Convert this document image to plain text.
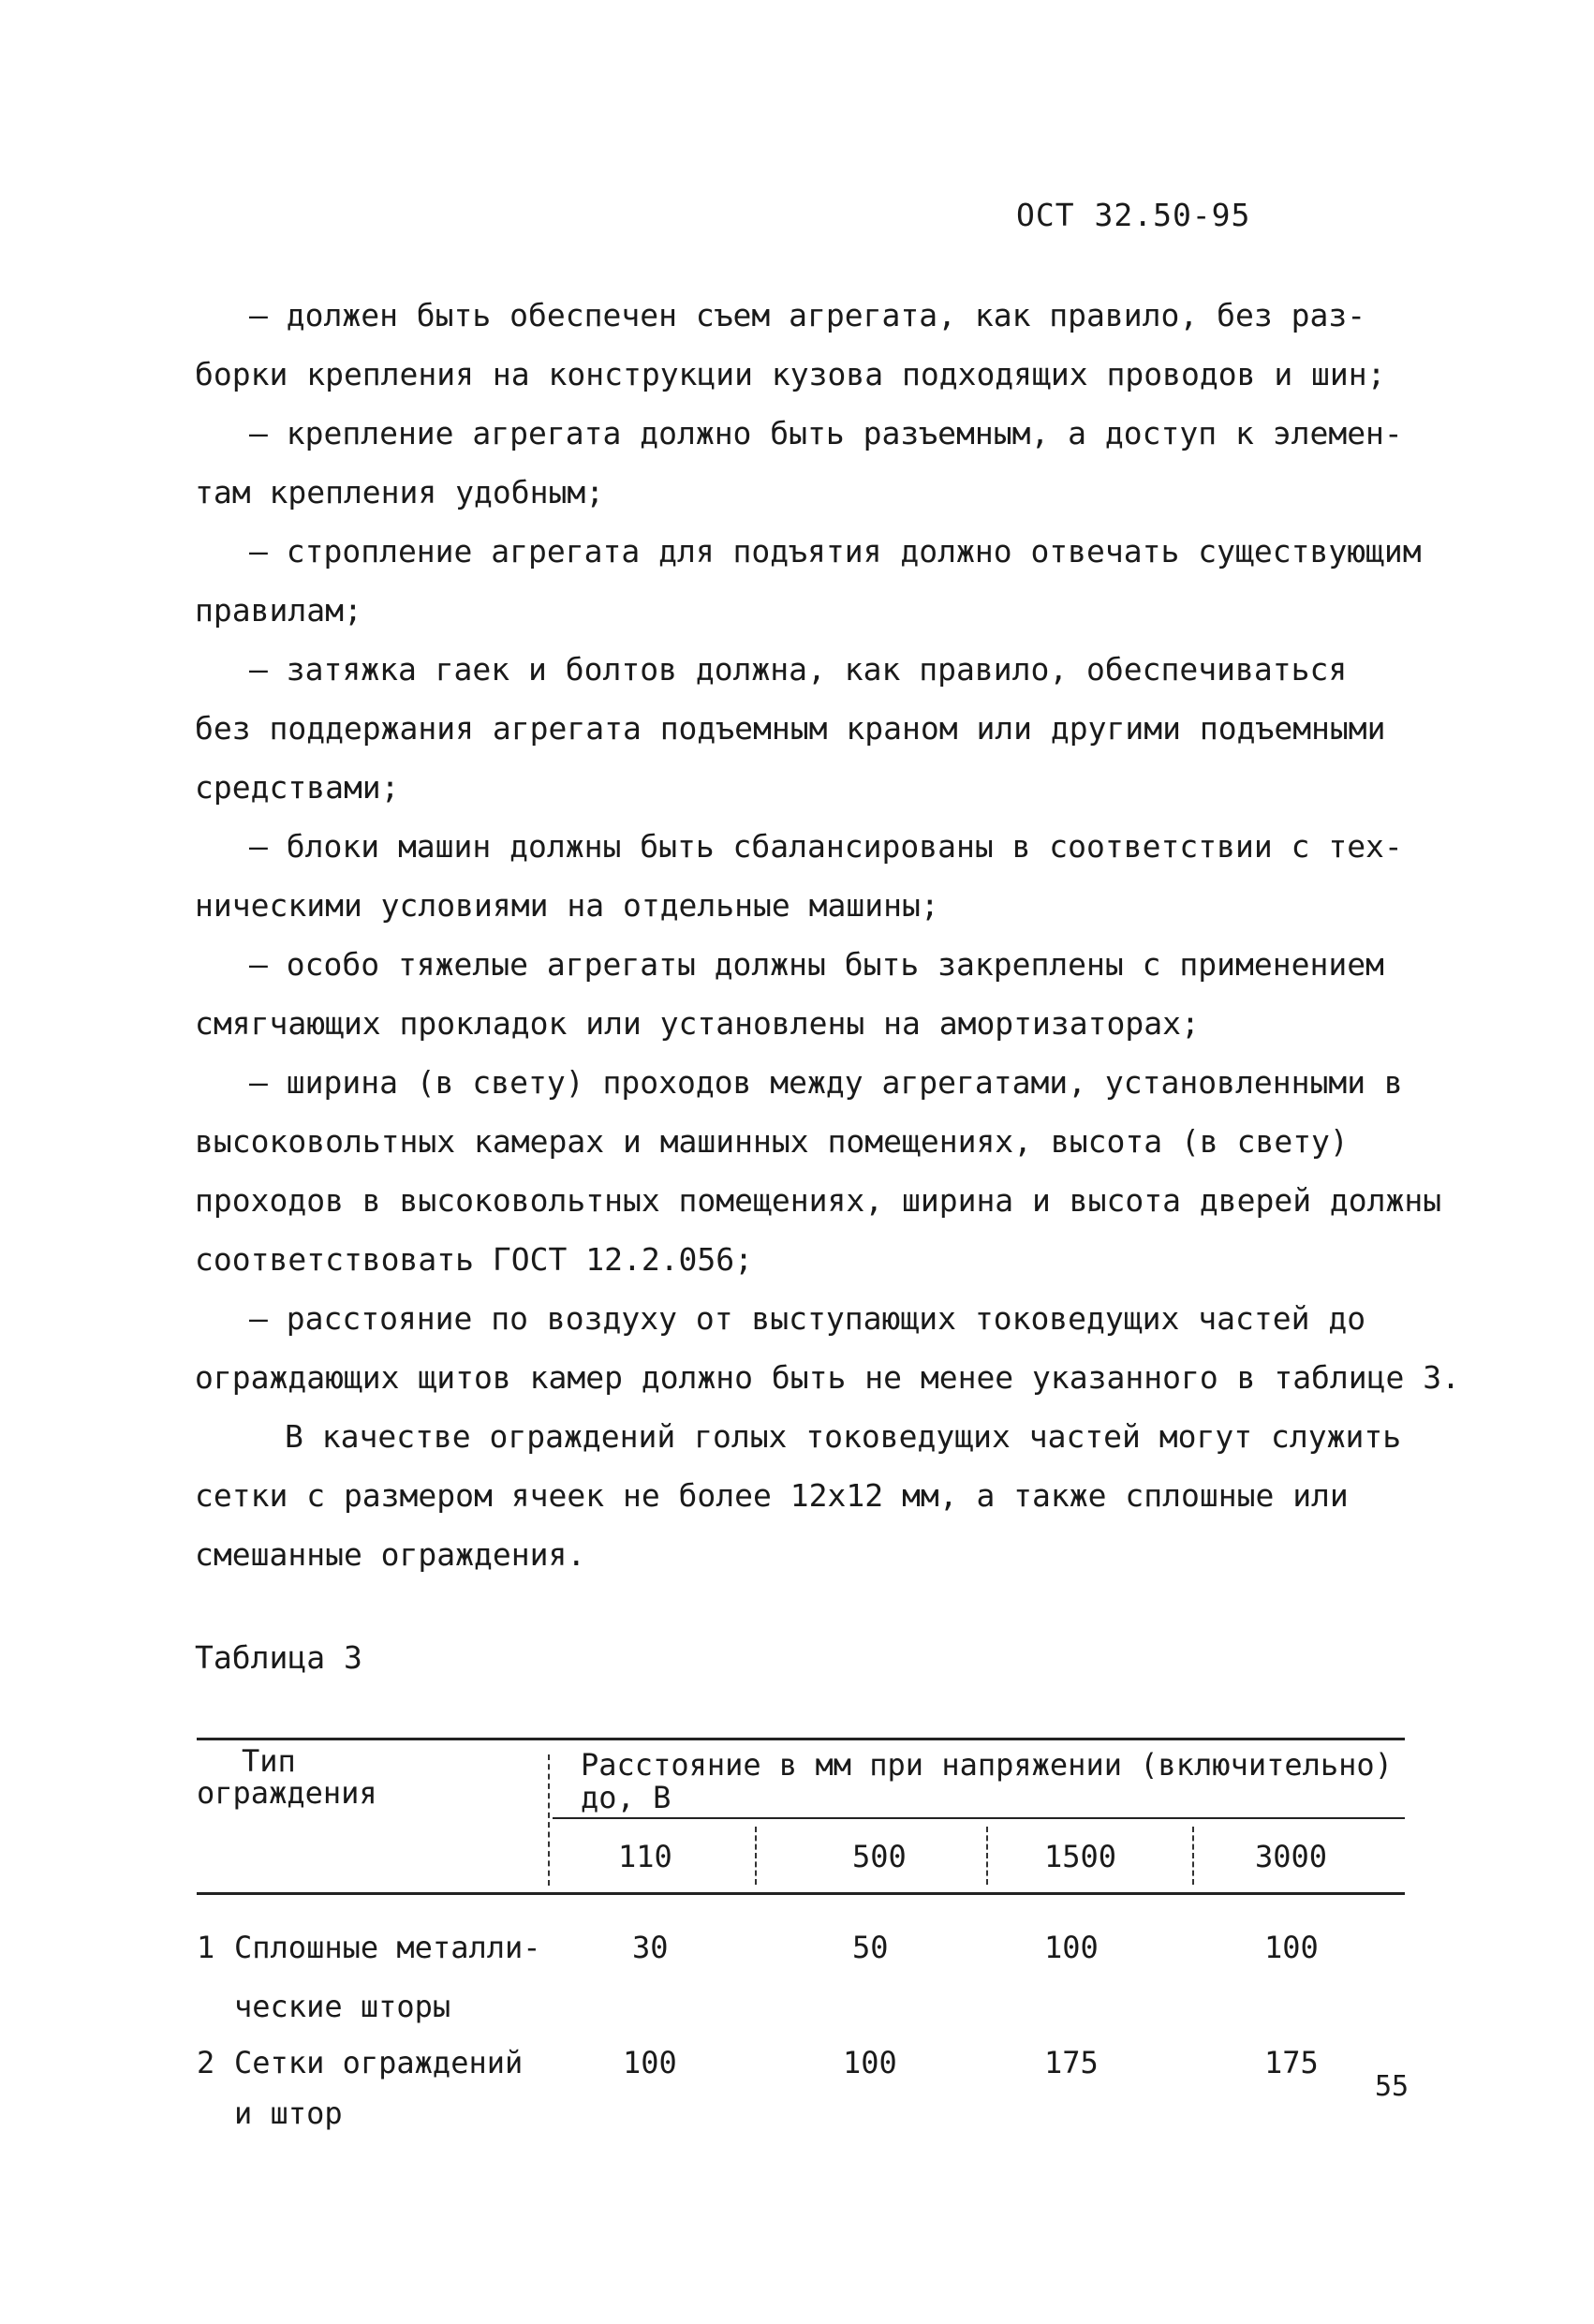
ОСТ 32.50-95
– должен быть обеспечен съем агрегата, как правило, без раз-
борки крепления на конструкции кузова подходящих проводов и шин;
– крепление агрегата должно быть разъемным, а доступ к элемен-
там крепления удобным;
– стропление агрегата для подъятия должно отвечать существующим
правилам;
– затяжка гаек и болтов должна, как правило, обеспечиваться
без поддержания агрегата подъемным краном или другими подъемными
средствами;
– блоки машин должны быть сбалансированы в соответствии с тех-
ническими условиями на отдельные машины;
– особо тяжелые агрегаты должны быть закреплены с применением
смягчающих прокладок или установлены на амортизаторах;
– ширина (в свету) проходов между агрегатами, установленными в
высоковольтных камерах и машинных помещениях, высота (в свету)
проходов в высоковольтных помещениях, ширина и высота дверей должны
соответствовать ГОСТ 12.2.056;
– расстояние по воздуху от выступающих токоведущих частей до
ограждающих щитов камер должно быть не менее указанного в таблице 3.
В качестве ограждений голых токоведущих частей могут служить
сетки с размером ячеек не более 12х12 мм, а также сплошные или
смешанные ограждения.
Таблица 3
Тип
ограждения
Расстояние в мм при напряжении (включительно)
до, В
110	500	1500	3000
1 Сплошные металли-
ческие шторы
30	50	100	100
2 Сетки ограждений
и штор
100	100	175	175
55
